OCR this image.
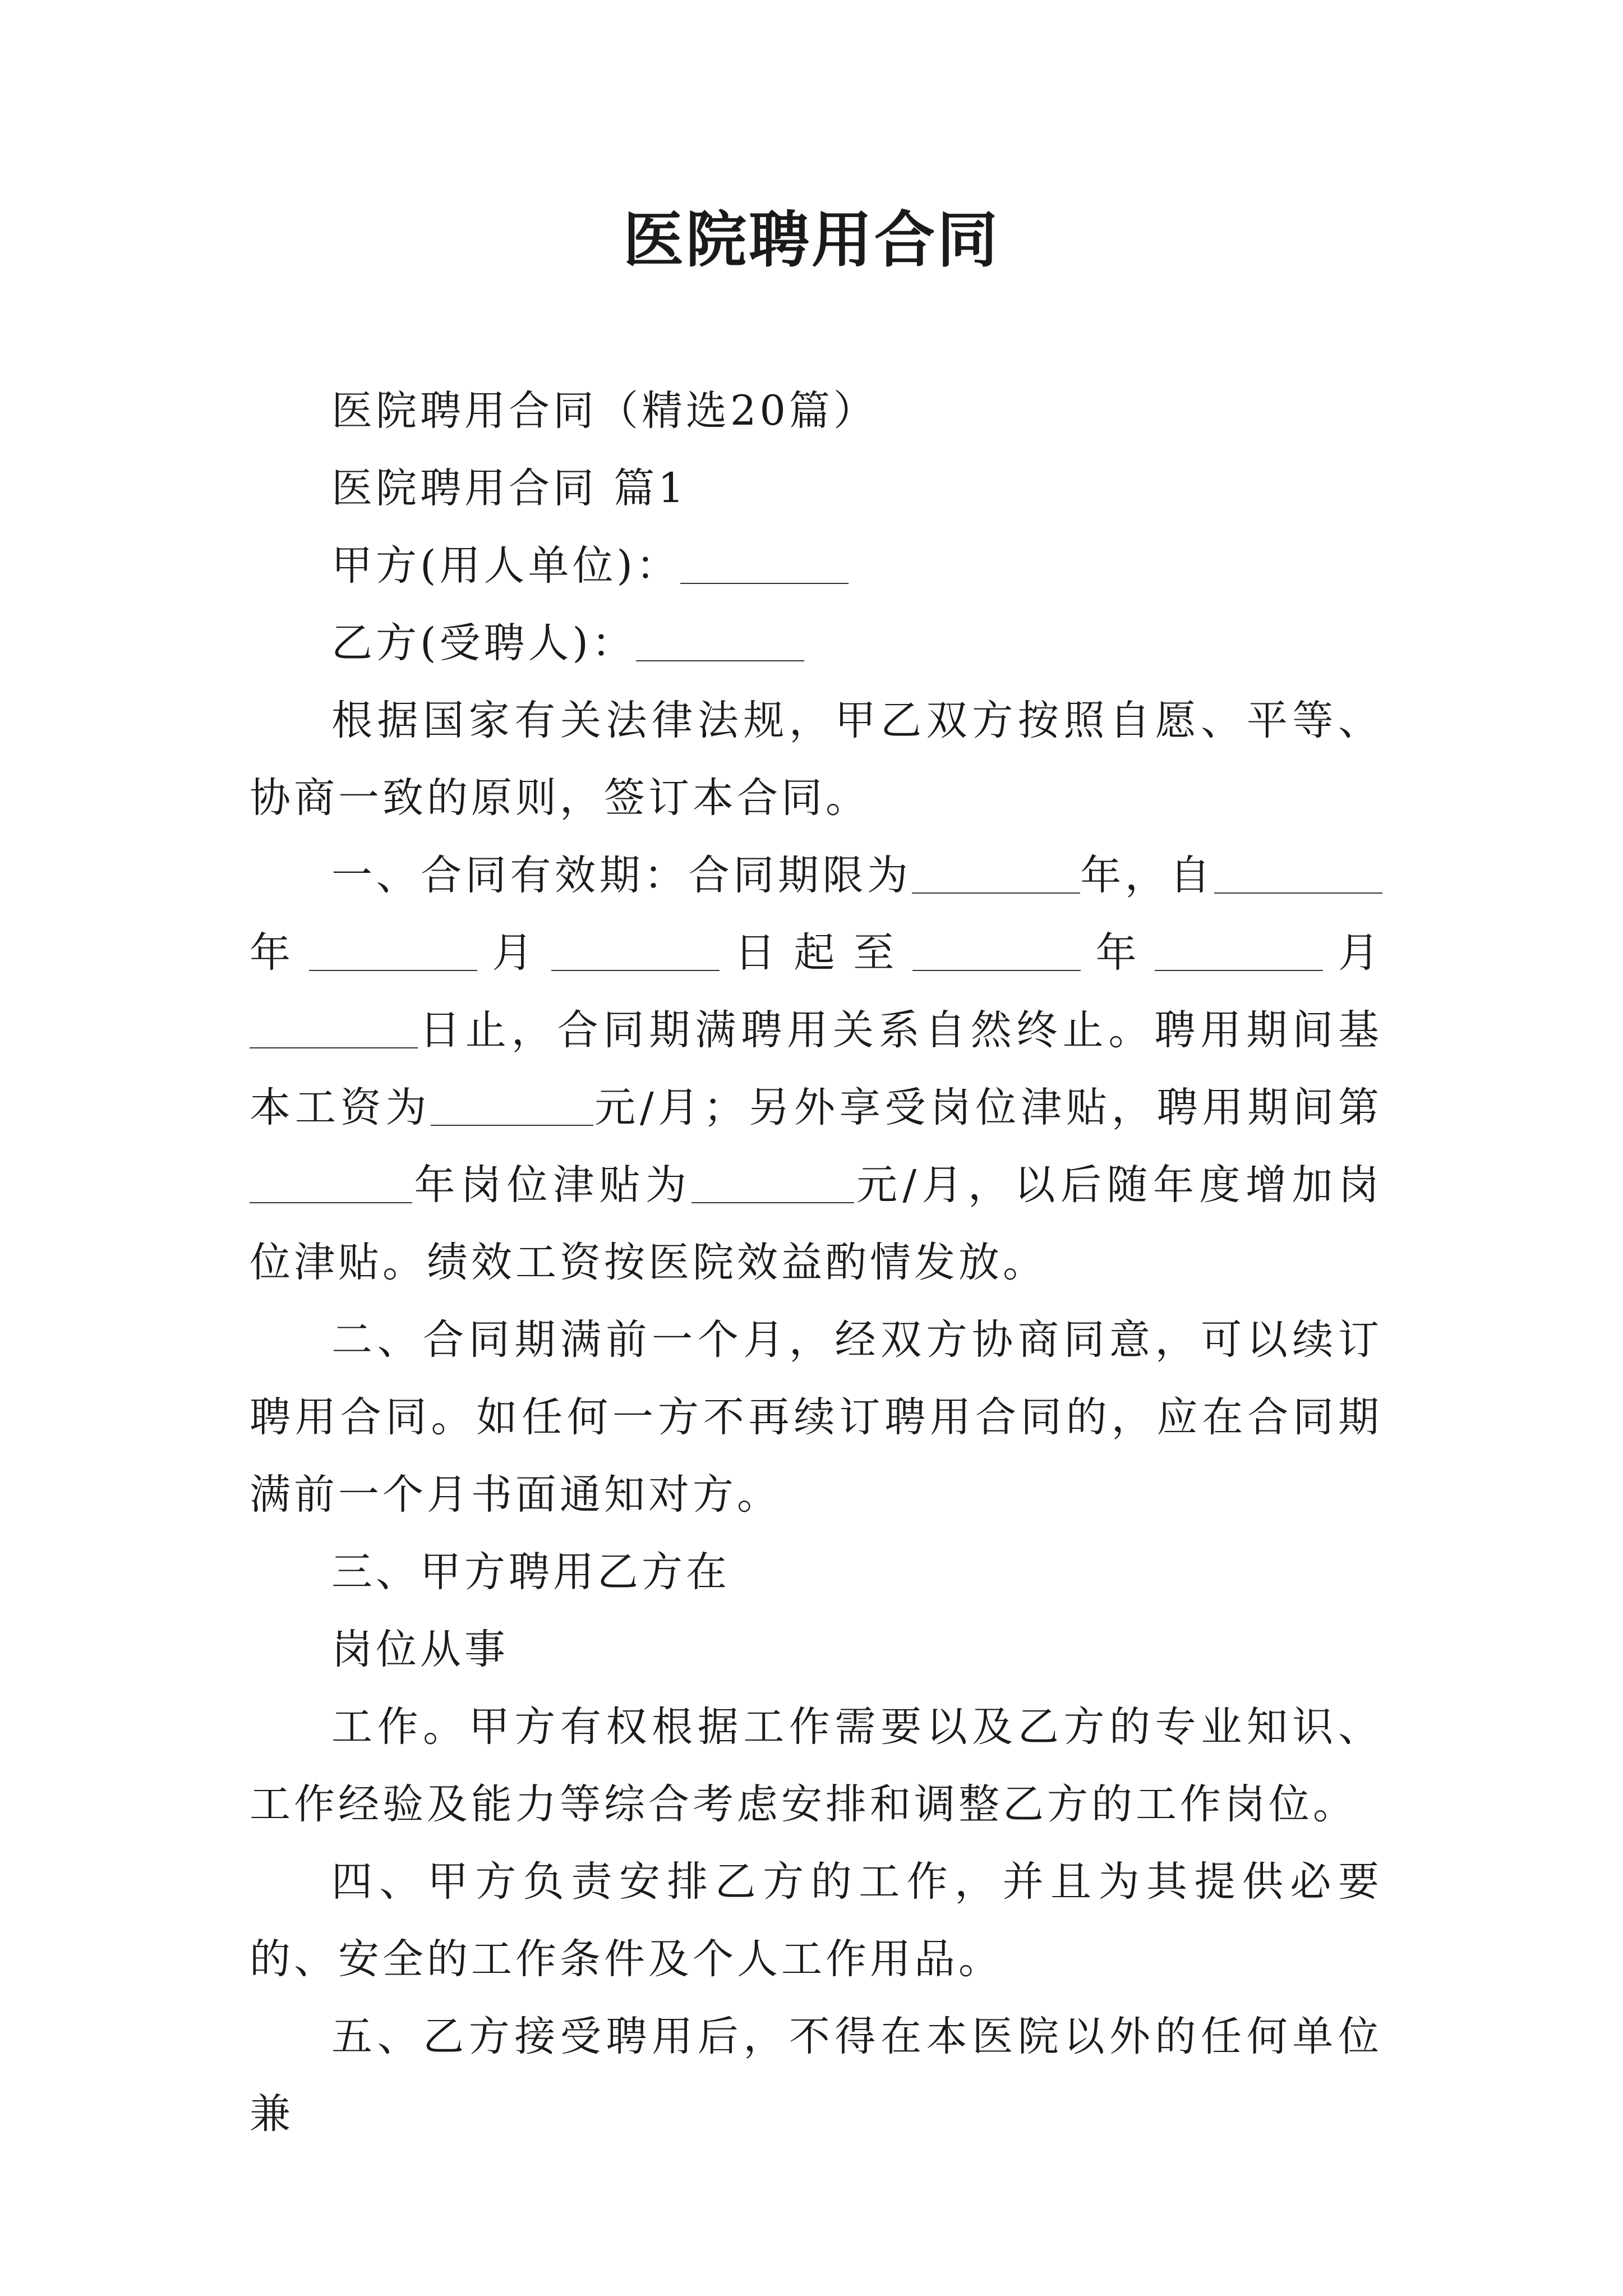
医院聘用合同

医院聘用合同（精选20篇）

医院聘用合同 篇1

甲方(用人单位)：

乙方(受聘人)：

根据国家有关法律法规，甲乙双方按照自愿、平等、协商一致的原则，签订本合同。

一、合同有效期：合同期限为	年，自年	月	日起至	年	月日止，合同期满聘用关系自然终止。聘用期间基本工资为	元/月；另外享受岗位津贴，聘用期间第年岗位津贴为	元/月，以后随年度增加岗位津贴。绩效工资按医院效益酌情发放。

二、合同期满前一个月，经双方协商同意，可以续订聘用合同。如任何一方不再续订聘用合同的，应在合同期满前一个月书面通知对方。

三、甲方聘用乙方在

岗位从事

工作。甲方有权根据工作需要以及乙方的专业知识、工作经验及能力等综合考虑安排和调整乙方的工作岗位。

四、甲方负责安排乙方的工作，并且为其提供必要的、安全的工作条件及个人工作用品。

五、乙方接受聘用后，不得在本医院以外的任何单位兼
